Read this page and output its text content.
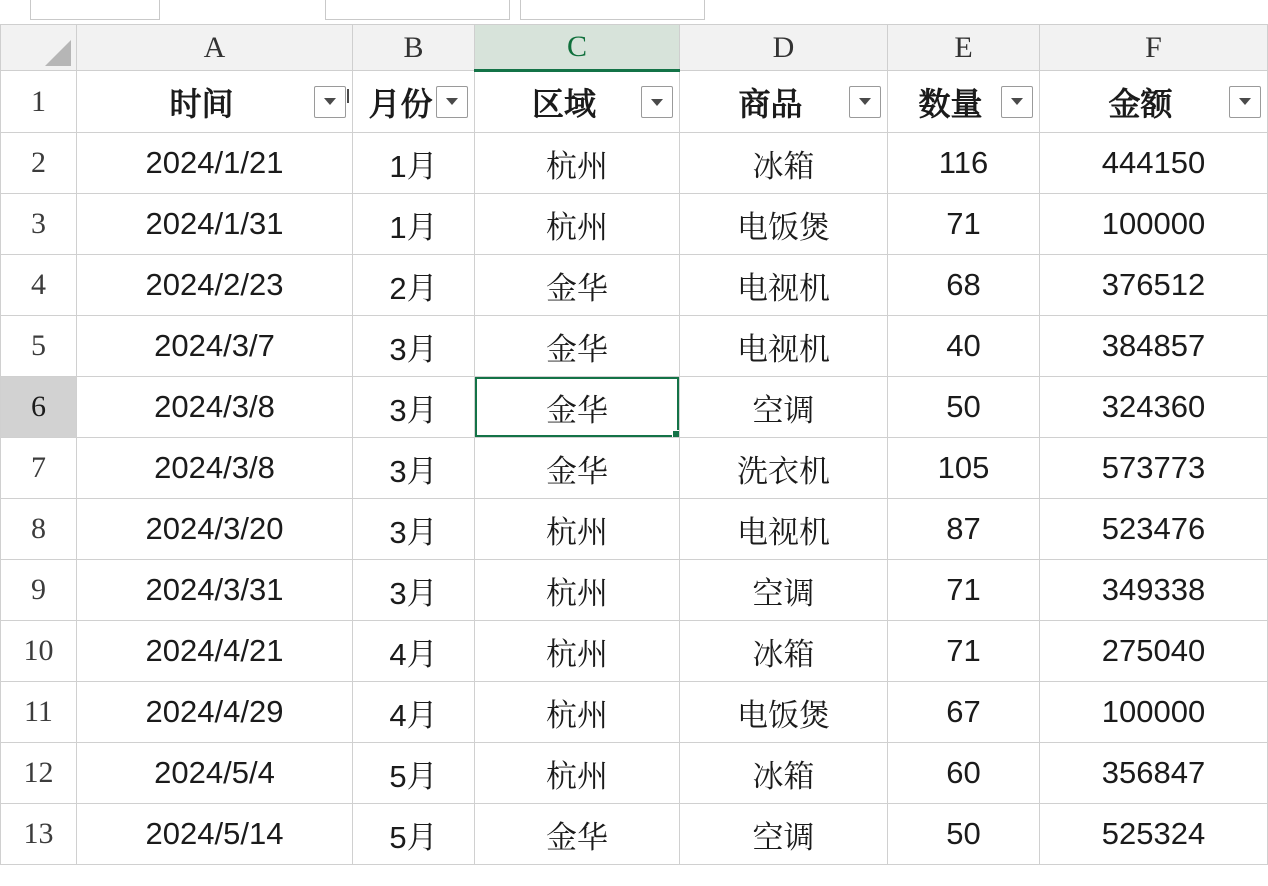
	A	B	C	D	E	F
1	时间	月份	区域	商品	数量	金额

2	2024/1/21	1月	杭州	冰箱	116	444150
3	2024/1/31	1月	杭州	电饭煲	71	100000
4	2024/2/23	2月	金华	电视机	68	376512
5	2024/3/7	3月	金华	电视机	40	384857
6	2024/3/8	3月	金华	空调	50	324360
7	2024/3/8	3月	金华	洗衣机	105	573773
8	2024/3/20	3月	杭州	电视机	87	523476
9	2024/3/31	3月	杭州	空调	71	349338
10	2024/4/21	4月	杭州	冰箱	71	275040
11	2024/4/29	4月	杭州	电饭煲	67	100000
12	2024/5/4	5月	杭州	冰箱	60	356847
13	2024/5/14	5月	金华	空调	50	525324
